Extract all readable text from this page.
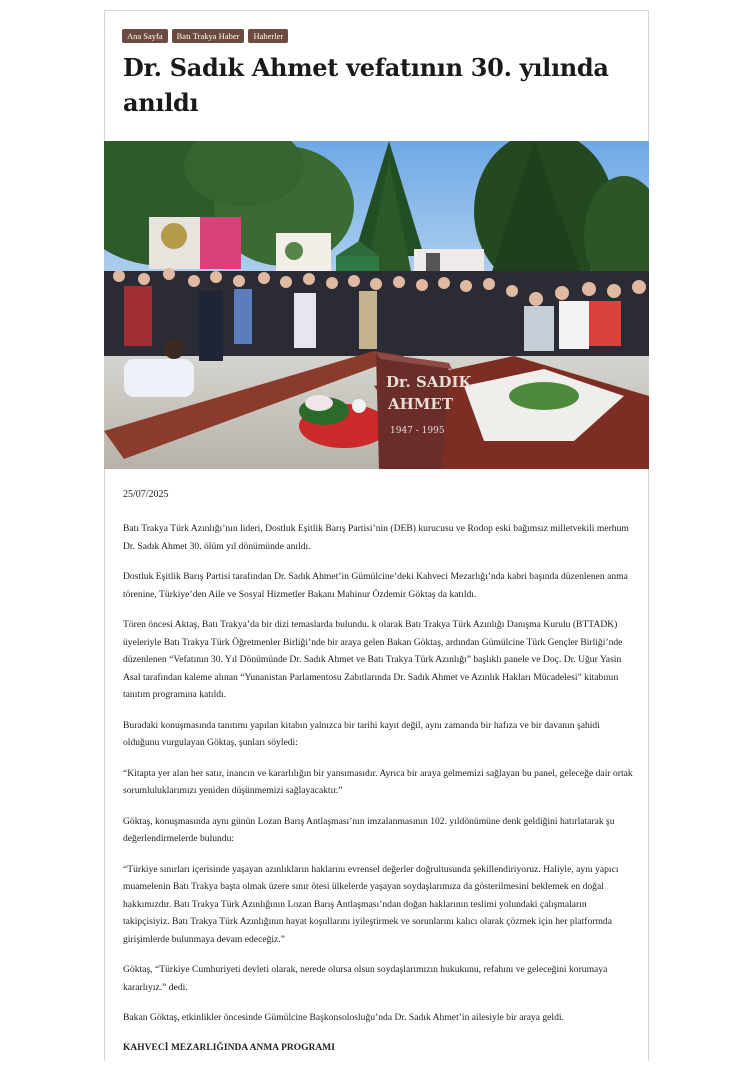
Ana Sayfa	Batı Trakya Haber	Haberler
Dr. Sadık Ahmet vefatının 30. yılında anıldı
Dr. SADIK
AHMET
1947 - 1995
25/07/2025

Batı Trakya Türk Azınlığı’nın lideri, Dostluk Eşitlik Barış Partisi’nin (DEB) kurucusu ve Rodop eski bağımsız milletvekili merhum Dr. Sadık Ahmet 30. ölüm yıl dönümünde anıldı.

Dostluk Eşitlik Barış Partisi tarafından Dr. Sadık Ahmet’in Gümülcine’deki Kahveci Mezarlığı’nda kabri başında düzenlenen anma törenine, Türkiye’den Aile ve Sosyal Hizmetler Bakanı Mahinur Özdemir Göktaş da katıldı.

Tören öncesi Aktaş, Batı Trakya’da bir dizi temaslarda bulundu. k olarak Batı Trakya Türk Azınlığı Danışma Kurulu (BTTADK) üyeleriyle Batı Trakya Türk Öğretmenler Birliği’nde bir araya gelen Bakan Göktaş, ardından Gümülcine Türk Gençler Birliği’nde düzenlenen “Vefatının 30. Yıl Dönümünde Dr. Sadık Ahmet ve Batı Trakya Türk Azınlığı” başlıklı panele ve Doç. Dr. Uğur Yasin Asal tarafından kaleme alınan “Yunanistan Parlamentosu Zabıtlarında Dr. Sadık Ahmet ve Azınlık Hakları Mücadelesi” kitabının tanıtım programına katıldı.

Buradaki konuşmasında tanıtımı yapılan kitabın yalnızca bir tarihi kayıt değil, aynı zamanda bir hafıza ve bir davanın şahidi olduğunu vurgulayan Göktaş, şunları söyledi:

“Kitapta yer alan her satır, inancın ve kararlılığın bir yansımasıdır. Ayrıca bir araya gelmemizi sağlayan bu panel, geleceğe dair ortak sorumluluklarımızı yeniden düşünmemizi sağlayacaktır.”

Göktaş, konuşmasında aynı günün Lozan Barış Antlaşması’nın imzalanmasının 102. yıldönümüne denk geldiğini hatırlatarak şu değerlendirmelerde bulundu:

“Türkiye sınırları içerisinde yaşayan azınlıkların haklarını evrensel değerler doğrultusunda şekillendiriyoruz. Haliyle, aynı yapıcı muamelenin Batı Trakya başta olmak üzere sınır ötesi ülkelerde yaşayan soydaşlarımıza da gösterilmesini beklemek en doğal hakkımızdır. Batı Trakya Türk Azınlığının Lozan Barış Antlaşması’ndan doğan haklarının teslimi yolundaki çalışmaların takipçisiyiz. Batı Trakya Türk Azınlığının hayat koşullarını iyileştirmek ve sorunlarını kalıcı olarak çözmek için her platformda girişimlerde bulunmaya devam edeceğiz.”

Göktaş, “Türkiye Cumhuriyeti devleti olarak, nerede olursa olsun soydaşlarımızın hukukunu, refahını ve geleceğini korumaya kararlıyız.” dedi.

Bakan Göktaş, etkinlikler öncesinde Gümülcine Başkonsolosluğu’nda Dr. Sadık Ahmet’in ailesiyle bir araya geldi.

KAHVECİ MEZARLIĞINDA ANMA PROGRAMI
